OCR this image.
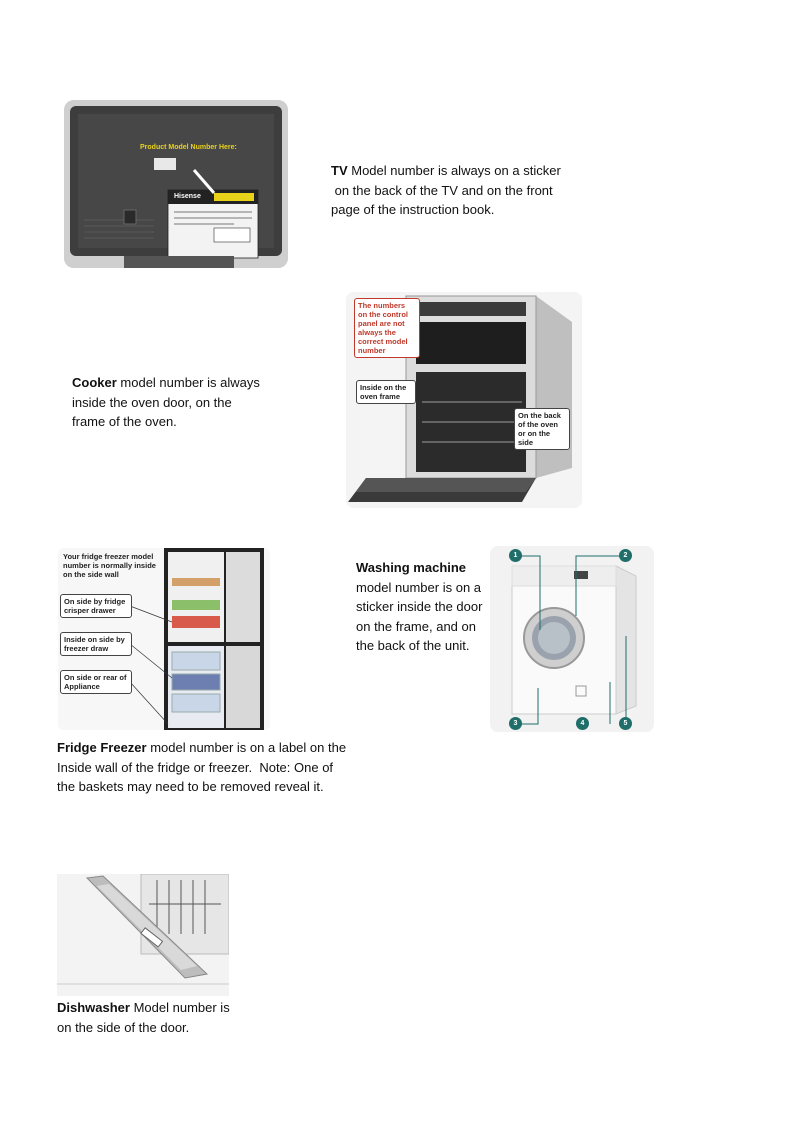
Product Model Number Here:
Hisense
TV Model number is always on a sticker
on the back of the TV and on the front
page of the instruction book.
Cooker model number is always
inside the oven door, on the
frame of the oven.
The numbers on the control panel are not always the correct model number
Inside on the oven frame
On the back of the oven or on the side
Your fridge freezer model number is normally inside on the side wall
On side by fridge crisper drawer
Inside on side by freezer draw
On side or rear of Appliance
Fridge Freezer model number is on a label on the
Inside wall of the fridge or freezer.  Note: One of
the baskets may need to be removed reveal it.
Washing machine
model number is on a
sticker inside the door
on the frame, and on
the back of the unit.
1	2
3	4	5
Dishwasher Model number is
on the side of the door.
